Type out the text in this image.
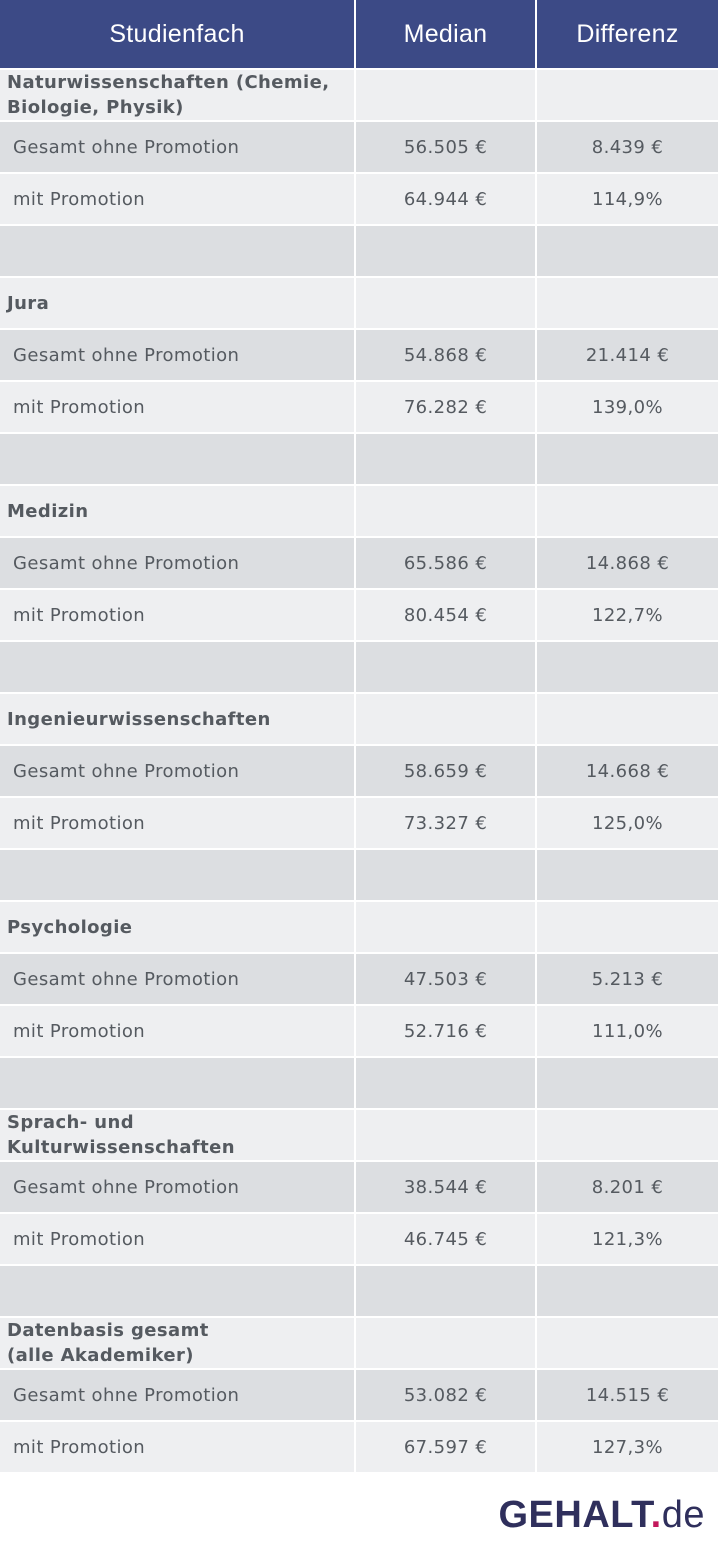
Studienfach	Median	Differenz
Naturwissenschaften (Chemie,
Biologie, Physik)
Gesamt ohne Promotion	56.505 €	8.439 €
mit Promotion	64.944 €	114,9%
Jura
Gesamt ohne Promotion	54.868 €	21.414 €
mit Promotion	76.282 €	139,0%
Medizin
Gesamt ohne Promotion	65.586 €	14.868 €
mit Promotion	80.454 €	122,7%
Ingenieurwissenschaften
Gesamt ohne Promotion	58.659 €	14.668 €
mit Promotion	73.327 €	125,0%
Psychologie
Gesamt ohne Promotion	47.503 €	5.213 €
mit Promotion	52.716 €	111,0%
Sprach- und Kulturwissenschaften
Gesamt ohne Promotion	38.544 €	8.201 €
mit Promotion	46.745 €	121,3%
Datenbasis gesamt
(alle Akademiker)
Gesamt ohne Promotion	53.082 €	14.515 €
mit Promotion	67.597 €	127,3%
GEHALT.de
